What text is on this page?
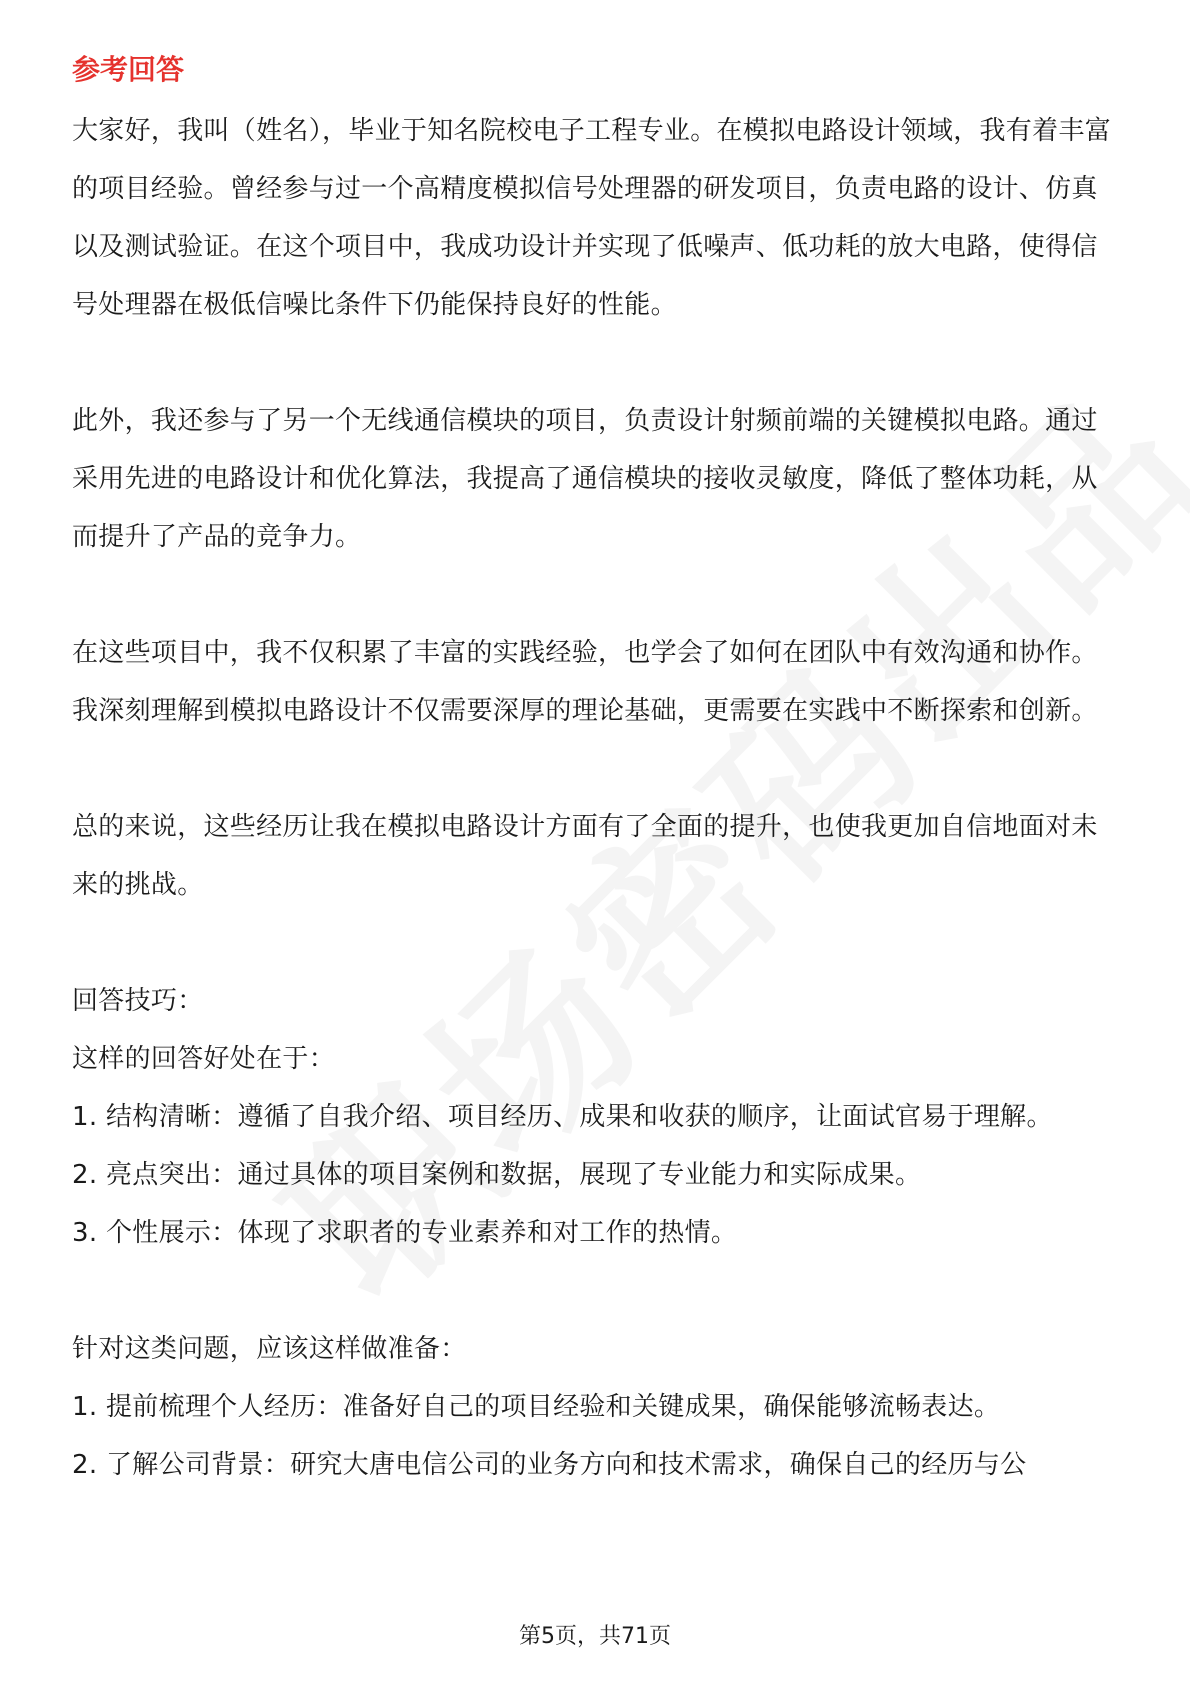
参考回答

大家好，我叫（姓名），毕业于知名院校电子工程专业。在模拟电路设计领域，我有着丰富的项目经验。曾经参与过一个高精度模拟信号处理器的研发项目，负责电路的设计、仿真以及测试验证。在这个项目中，我成功设计并实现了低噪声、低功耗的放大电路，使得信号处理器在极低信噪比条件下仍能保持良好的性能。

此外，我还参与了另一个无线通信模块的项目，负责设计射频前端的关键模拟电路。通过采用先进的电路设计和优化算法，我提高了通信模块的接收灵敏度，降低了整体功耗，从而提升了产品的竞争力。

在这些项目中，我不仅积累了丰富的实践经验，也学会了如何在团队中有效沟通和协作。我深刻理解到模拟电路设计不仅需要深厚的理论基础，更需要在实践中不断探索和创新。

总的来说，这些经历让我在模拟电路设计方面有了全面的提升，也使我更加自信地面对未来的挑战。

回答技巧：

这样的回答好处在于：

1. 结构清晰：遵循了自我介绍、项目经历、成果和收获的顺序，让面试官易于理解。

2. 亮点突出：通过具体的项目案例和数据，展现了专业能力和实际成果。

3. 个性展示：体现了求职者的专业素养和对工作的热情。

针对这类问题，应该这样做准备：

1. 提前梳理个人经历：准备好自己的项目经验和关键成果，确保能够流畅表达。

2. 了解公司背景：研究大唐电信公司的业务方向和技术需求，确保自己的经历与公

第5页，共71页
